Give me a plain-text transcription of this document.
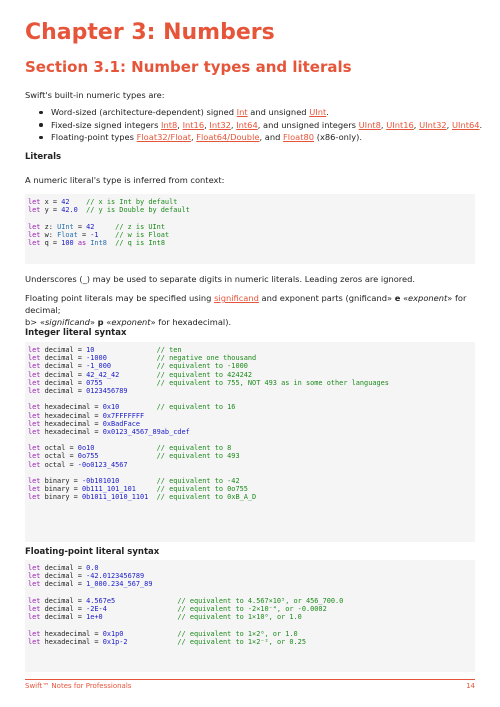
Chapter 3: Numbers
Section 3.1: Number types and literals

Swift's built-in numeric types are:

Word-sized (architecture-dependent) signed Int and unsigned UInt.
Fixed-size signed integers Int8, Int16, Int32, Int64, and unsigned integers UInt8, UInt16, UInt32, UInt64.
Floating-point types Float32/Float, Float64/Double, and Float80 (x86-only).

Literals

A numeric literal's type is inferred from context:

let x = 42    // x is Int by default
let y = 42.0  // y is Double by default

let z: UInt = 42     // z is UInt
let w: Float = -1    // w is Float
let q = 100 as Int8  // q is Int8

Underscores (_) may be used to separate digits in numeric literals. Leading zeros are ignored.

Floating point literals may be specified using significand and exponent parts (gnificand» e «exponent» for decimal;
b> «significand» p «exponent» for hexadecimal).

Integer literal syntax

let decimal = 10               // ten
let decimal = -1000            // negative one thousand
let decimal = -1_000           // equivalent to -1000
let decimal = 42_42_42         // equivalent to 424242
let decimal = 0755             // equivalent to 755, NOT 493 as in some other languages
let decimal = 0123456789

let hexadecimal = 0x10         // equivalent to 16
let hexadecimal = 0x7FFFFFFF
let hexadecimal = 0xBadFace
let hexadecimal = 0x0123_4567_89ab_cdef

let octal = 0o10               // equivalent to 8
let octal = 0o755              // equivalent to 493
let octal = -0o0123_4567

let binary = -0b101010         // equivalent to -42
let binary = 0b111_101_101     // equivalent to 0o755
let binary = 0b1011_1010_1101  // equivalent to 0xB_A_D

Floating-point literal syntax

let decimal = 0.0
let decimal = -42.0123456789
let decimal = 1_000.234_567_89

let decimal = 4.567e5               // equivalent to 4.567×10⁵, or 456_700.0
let decimal = -2E-4                 // equivalent to -2×10⁻⁴, or -0.0002
let decimal = 1e+0                  // equivalent to 1×10⁰, or 1.0

let hexadecimal = 0x1p0             // equivalent to 1×2⁰, or 1.0
let hexadecimal = 0x1p-2            // equivalent to 1×2⁻², or 0.25
Swift™ Notes for Professionals	14
